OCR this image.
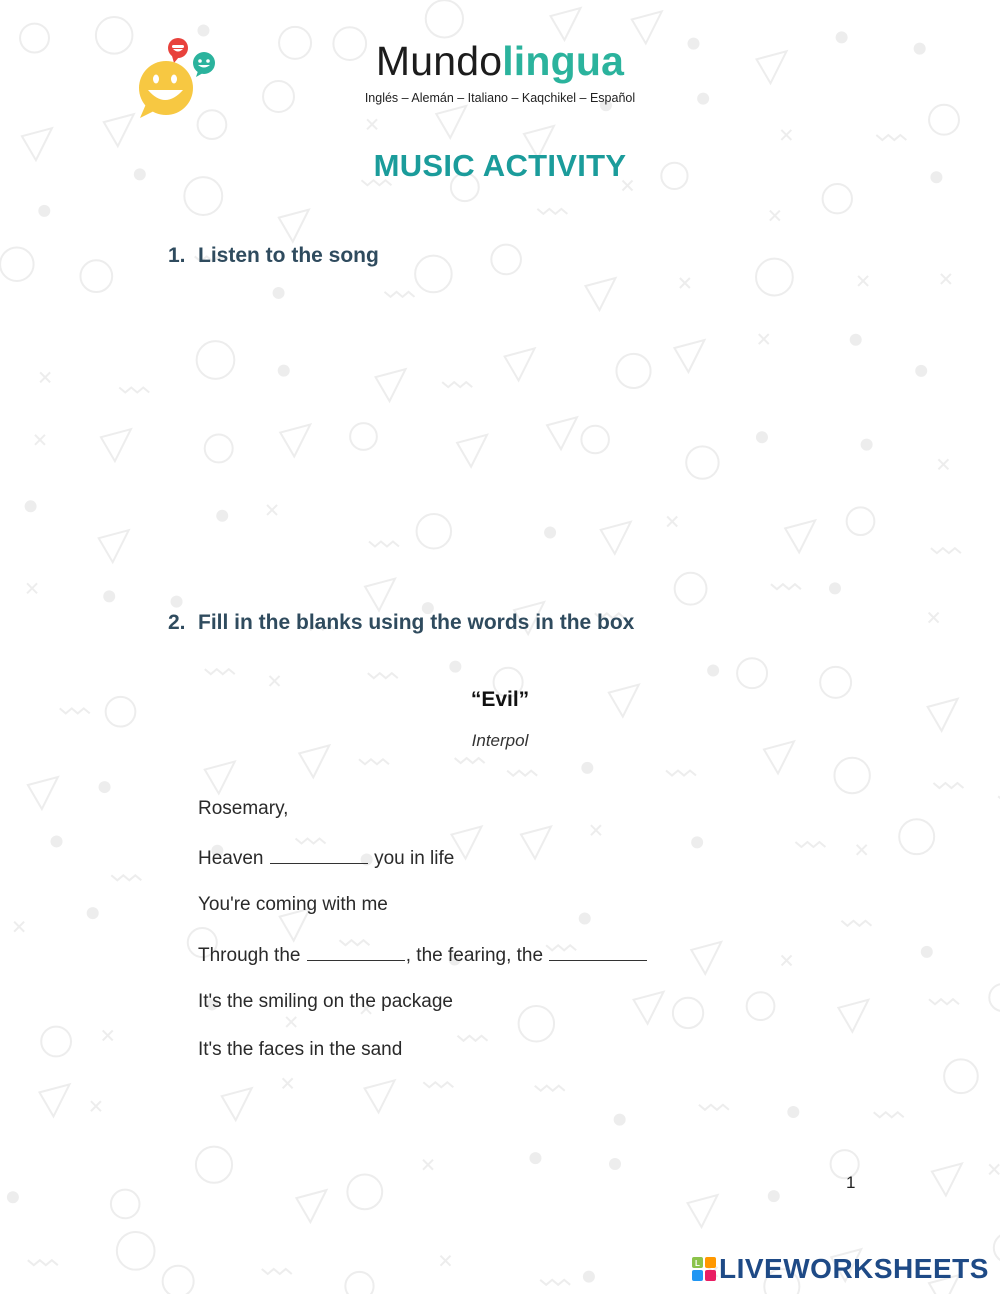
Mundolingua
Inglés – Alemán – Italiano – Kaqchikel – Español
MUSIC ACTIVITY
1. Listen to the song
2. Fill in the blanks using the words in the box
“Evil”
Interpol
Rosemary,
Heaven	you in life
You're coming with me
Through the	, the fearing, the
It's the smiling on the package
It's the faces in the sand
1
L LIVEWORKSHEETS
